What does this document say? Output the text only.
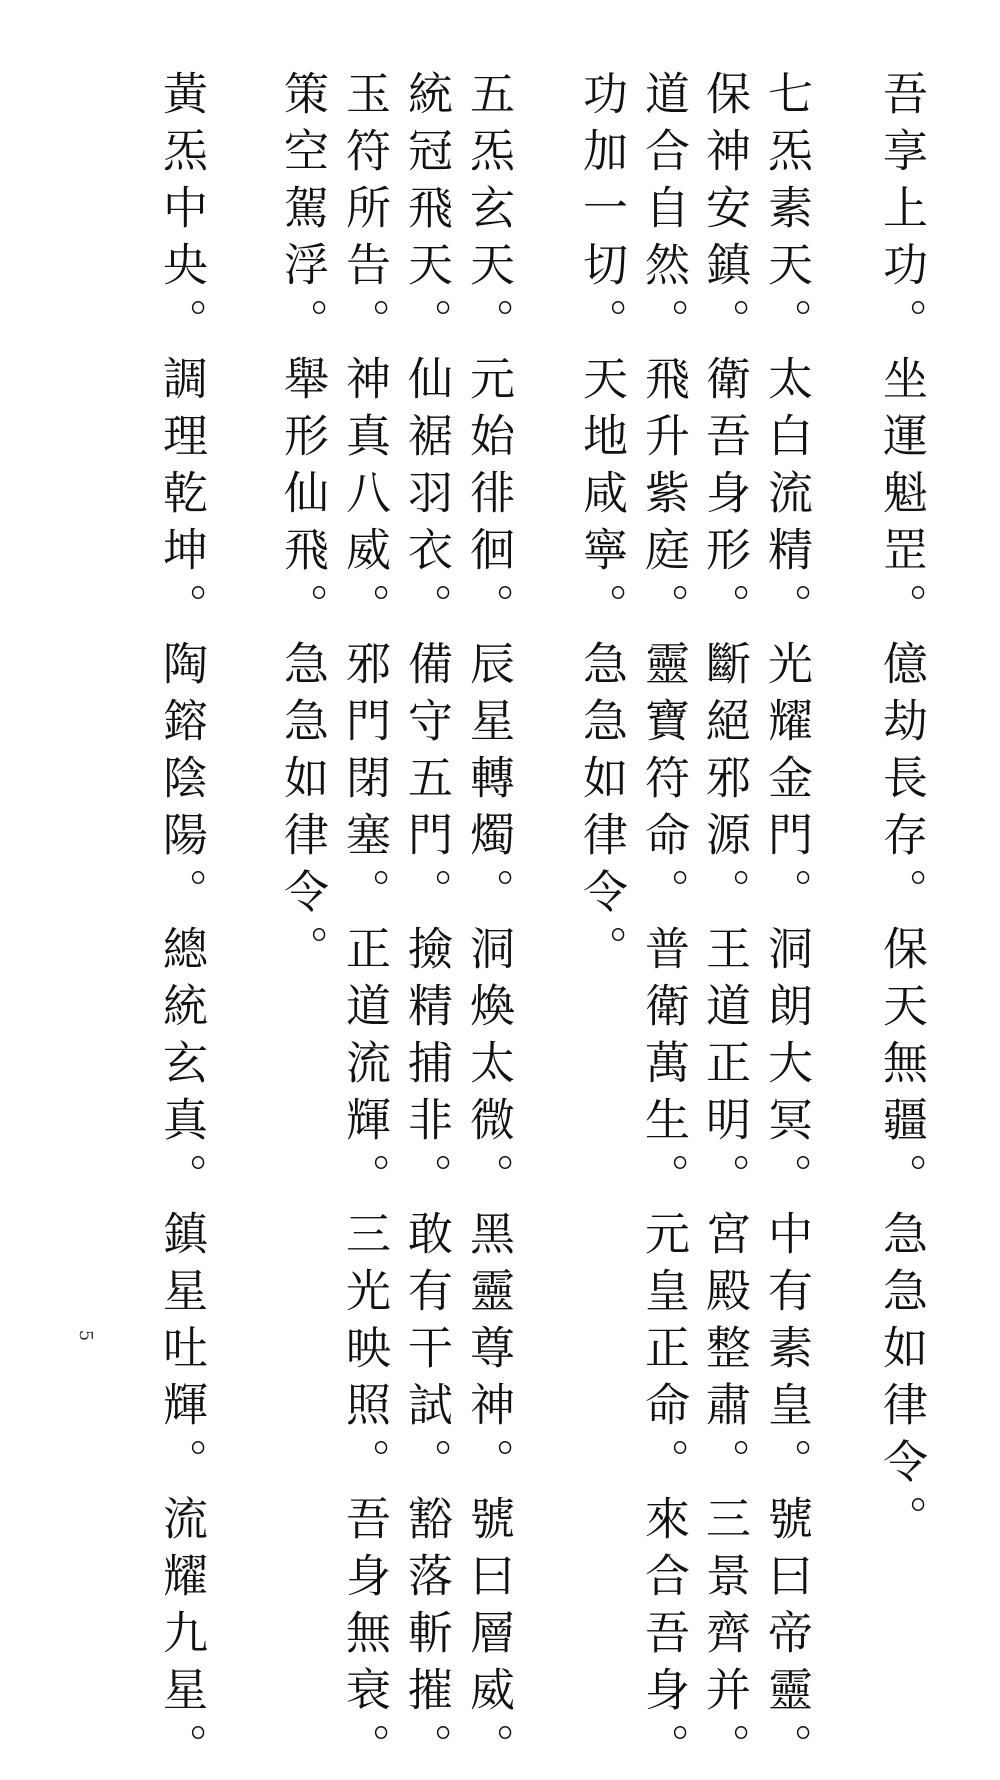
吾享上功。坐運魁罡。億劫長存。保天無疆。急急如律令。
七炁素天。太白流精。光耀金門。洞朗大冥。中有素皇。號曰帝靈。
保神安鎮。衛吾身形。斷絕邪源。王道正明。宮殿整肅。三景齊并。
道合自然。飛升紫庭。靈寶符命。普衛萬生。元皇正命。來合吾身。
功加一切。天地咸寧。急急如律令。
五炁玄天。元始徘徊。辰星轉燭。洞煥太微。黑靈尊神。號曰層威。
統冠飛天。仙裾羽衣。備守五門。撿精捕非。敢有干試。豁落斬摧。
玉符所告。神真八威。邪門閉塞。正道流輝。三光映照。吾身無衰。
策空駕浮。舉形仙飛。急急如律令。
黃炁中央。調理乾坤。陶鎔陰陽。總統玄真。鎮星吐輝。流耀九星。
5
